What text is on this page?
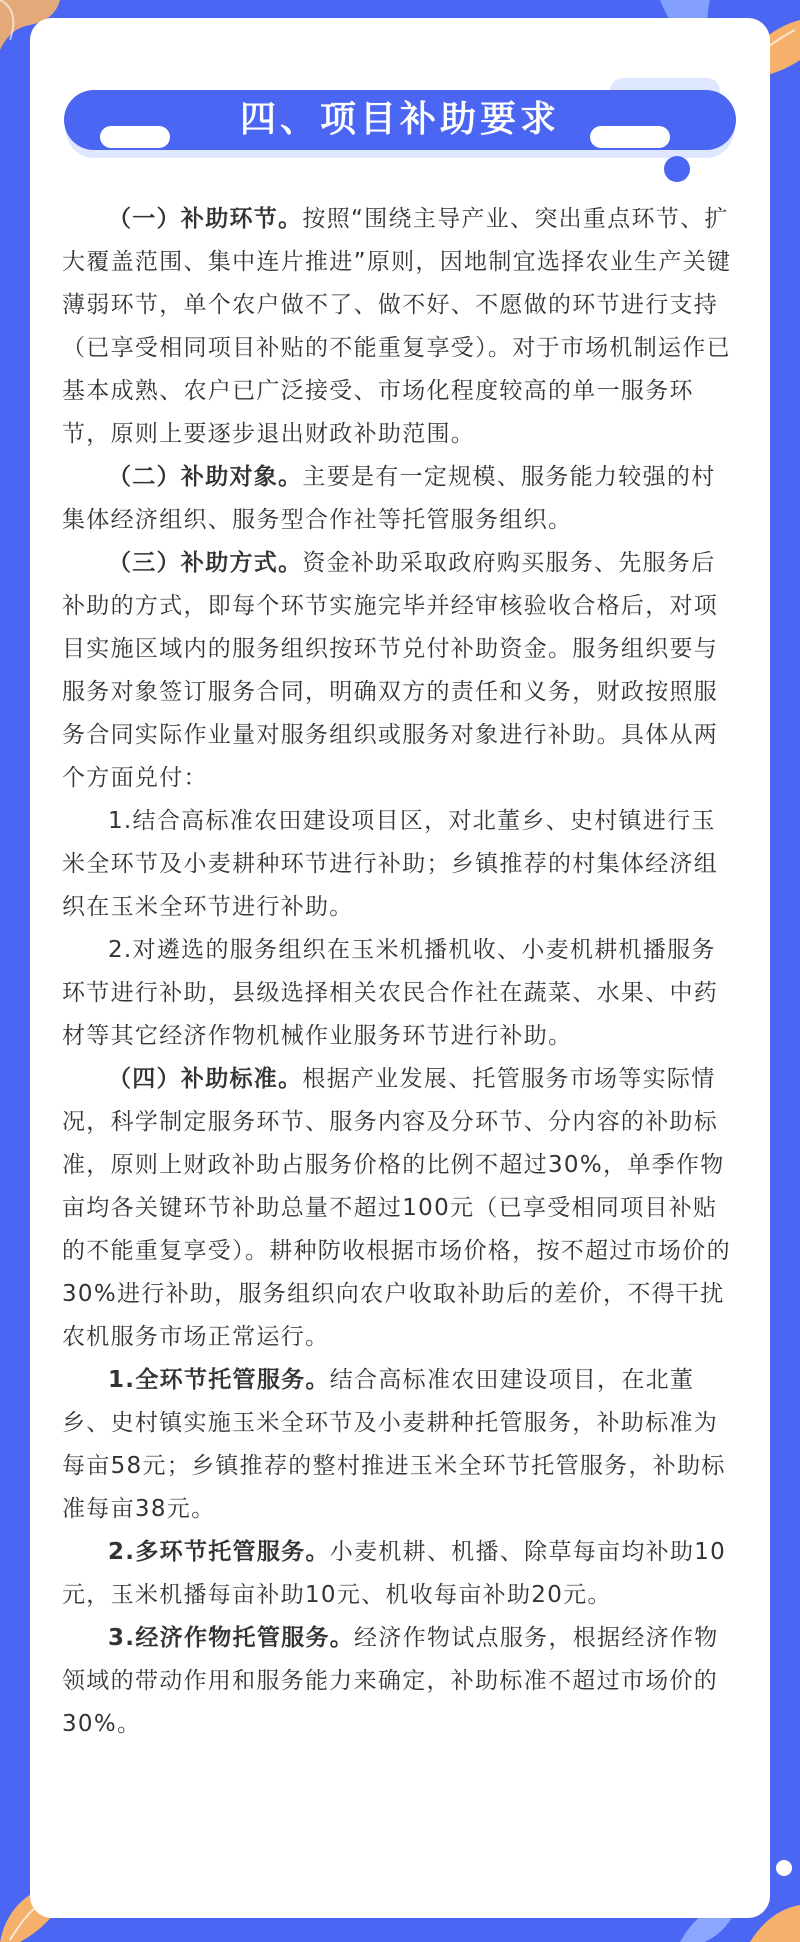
四、项目补助要求

（一）补助环节。按照“围绕主导产业、突出重点环节、扩大覆盖范围、集中连片推进”原则，因地制宜选择农业生产关键薄弱环节，单个农户做不了、做不好、不愿做的环节进行支持（已享受相同项目补贴的不能重复享受）。对于市场机制运作已基本成熟、农户已广泛接受、市场化程度较高的单一服务环节，原则上要逐步退出财政补助范围。

（二）补助对象。主要是有一定规模、服务能力较强的村集体经济组织、服务型合作社等托管服务组织。

（三）补助方式。资金补助采取政府购买服务、先服务后补助的方式，即每个环节实施完毕并经审核验收合格后，对项目实施区域内的服务组织按环节兑付补助资金。服务组织要与服务对象签订服务合同，明确双方的责任和义务，财政按照服务合同实际作业量对服务组织或服务对象进行补助。具体从两个方面兑付：

1.结合高标准农田建设项目区，对北董乡、史村镇进行玉米全环节及小麦耕种环节进行补助；乡镇推荐的村集体经济组织在玉米全环节进行补助。

2.对遴选的服务组织在玉米机播机收、小麦机耕机播服务环节进行补助，县级选择相关农民合作社在蔬菜、水果、中药材等其它经济作物机械作业服务环节进行补助。

（四）补助标准。根据产业发展、托管服务市场等实际情况，科学制定服务环节、服务内容及分环节、分内容的补助标准，原则上财政补助占服务价格的比例不超过30%，单季作物亩均各关键环节补助总量不超过100元（已享受相同项目补贴的不能重复享受）。耕种防收根据市场价格，按不超过市场价的30%进行补助，服务组织向农户收取补助后的差价，不得干扰农机服务市场正常运行。

1.全环节托管服务。结合高标准农田建设项目，在北董乡、史村镇实施玉米全环节及小麦耕种托管服务，补助标准为每亩58元；乡镇推荐的整村推进玉米全环节托管服务，补助标准每亩38元。

2.多环节托管服务。小麦机耕、机播、除草每亩均补助10元，玉米机播每亩补助10元、机收每亩补助20元。

3.经济作物托管服务。经济作物试点服务，根据经济作物领域的带动作用和服务能力来确定，补助标准不超过市场价的30%。
